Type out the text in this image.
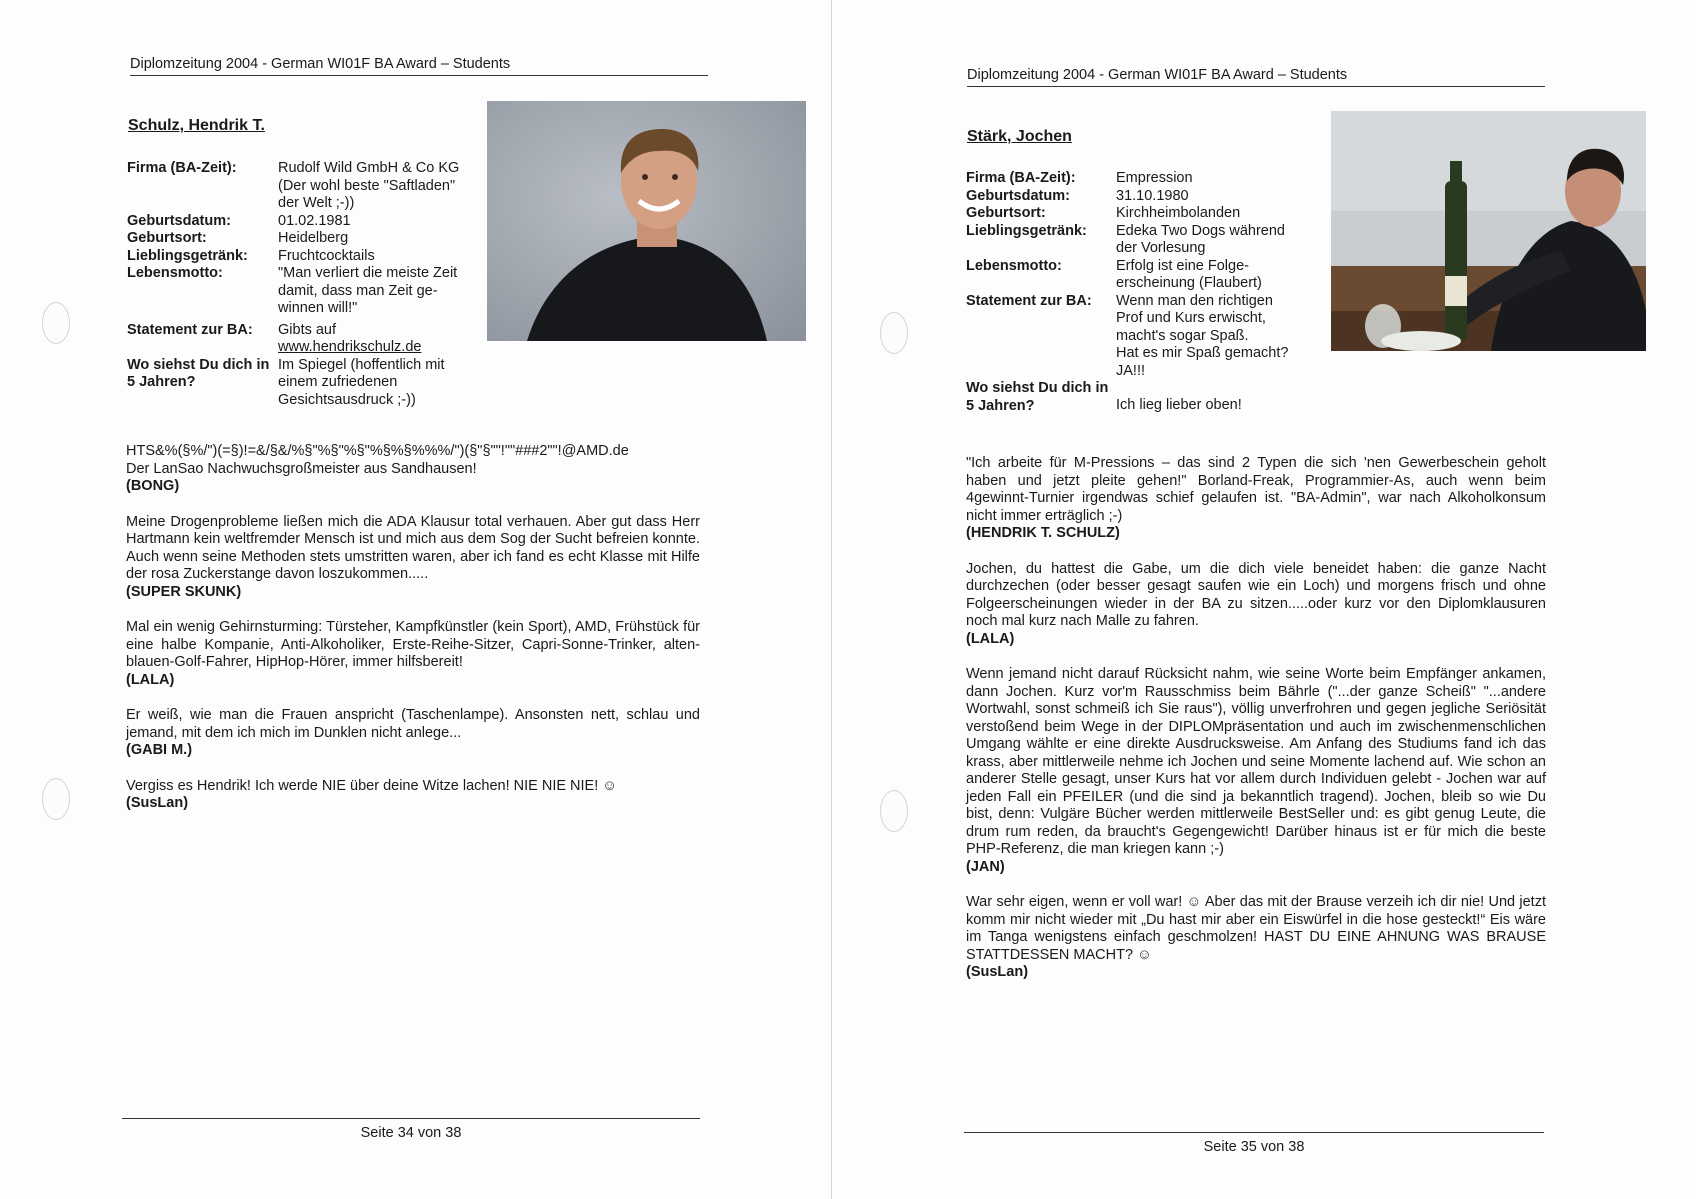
Diplomzeitung 2004 - German WI01F BA Award – Students
Schulz, Hendrik T.
Firma (BA-Zeit):	Rudolf Wild GmbH & Co KG
(Der wohl beste "Saftladen"
der Welt ;-))

Geburtsdatum:	01.02.1981
Geburtsort:	Heidelberg
Lieblingsgetränk:	Fruchtcocktails
Lebensmotto:	"Man verliert die meiste Zeit
damit, dass man Zeit ge-
winnen will!"

Statement zur BA:	Gibts auf
www.hendrikschulz.de

Wo siehst Du dich in 5 Jahren?	Im Spiegel (hoffentlich mit
einem zufriedenen
Gesichtsausdruck ;-))
HTS&%(§%/")(=§)!=&/§&/%§"%§"%§"%§%§%%%/")(§"§""!""###2""!@AMD.de
Der LanSao Nachwuchsgroßmeister aus Sandhausen!
(BONG)
Meine Drogenprobleme ließen mich die ADA Klausur total verhauen. Aber gut dass Herr Hartmann kein weltfremder Mensch ist und mich aus dem Sog der Sucht befreien konnte. Auch wenn seine Methoden stets umstritten waren, aber ich fand es echt Klasse mit Hilfe der rosa Zuckerstange davon loszukommen.....
(SUPER SKUNK)
Mal ein wenig Gehirnsturming: Türsteher, Kampfkünstler (kein Sport), AMD, Frühstück für eine halbe Kompanie, Anti-Alkoholiker, Erste-Reihe-Sitzer, Capri-Sonne-Trinker, alten-blauen-Golf-Fahrer, HipHop-Hörer, immer hilfsbereit!
(LALA)
Er weiß, wie man die Frauen anspricht (Taschenlampe). Ansonsten nett, schlau und jemand, mit dem ich mich im Dunklen nicht anlege...
(GABI M.)
Vergiss es Hendrik! Ich werde NIE über deine Witze lachen! NIE NIE NIE! ☺
(SusLan)
Seite 34 von 38
Diplomzeitung 2004 - German WI01F BA Award – Students
Stärk, Jochen
Firma (BA-Zeit):	Empression
Geburtsdatum:	31.10.1980
Geburtsort:	Kirchheimbolanden
Lieblingsgetränk:	Edeka Two Dogs während
der Vorlesung

Lebensmotto:	Erfolg ist eine Folge-
erscheinung (Flaubert)

Statement zur BA:	Wenn man den richtigen
Prof und Kurs erwischt,
macht's sogar Spaß.
Hat es mir Spaß gemacht?
JA!!!

Wo siehst Du dich in 5 Jahren?	Ich lieg lieber oben!
"Ich arbeite für M-Pressions – das sind 2 Typen die sich 'nen Gewerbeschein geholt haben und jetzt pleite gehen!" Borland-Freak, Programmier-As, auch wenn beim 4gewinnt-Turnier irgendwas schief gelaufen ist. "BA-Admin", war nach Alkoholkonsum nicht immer erträglich ;-)
(HENDRIK T. SCHULZ)
Jochen, du hattest die Gabe, um die dich viele beneidet haben: die ganze Nacht durchzechen (oder besser gesagt saufen wie ein Loch) und morgens frisch und ohne Folgeerscheinungen wieder in der BA zu sitzen.....oder kurz vor den Diplomklausuren noch mal kurz nach Malle zu fahren.
(LALA)
Wenn jemand nicht darauf Rücksicht nahm, wie seine Worte beim Empfänger ankamen, dann Jochen. Kurz vor'm Rausschmiss beim Bährle ("...der ganze Scheiß" "...andere Wortwahl, sonst schmeiß ich Sie raus"), völlig unverfrohren und gegen jegliche Seriösität verstoßend beim Wege in der DIPLOMpräsentation und auch im zwischenmenschlichen Umgang wählte er eine direkte Ausdrucksweise. Am Anfang des Studiums fand ich das krass, aber mittlerweile nehme ich Jochen und seine Momente lachend auf. Wie schon an anderer Stelle gesagt, unser Kurs hat vor allem durch Individuen gelebt - Jochen war auf jeden Fall ein PFEILER (und die sind ja bekanntlich tragend). Jochen, bleib so wie Du bist, denn: Vulgäre Bücher werden mittlerweile BestSeller und: es gibt genug Leute, die drum rum reden, da braucht's Gegengewicht! Darüber hinaus ist er für mich die beste PHP-Referenz, die man kriegen kann ;-)
(JAN)
War sehr eigen, wenn er voll war! ☺ Aber das mit der Brause verzeih ich dir nie! Und jetzt komm mir nicht wieder mit „Du hast mir aber ein Eiswürfel in die hose gesteckt!“ Eis wäre im Tanga wenigstens einfach geschmolzen! HAST DU EINE AHNUNG WAS BRAUSE STATTDESSEN MACHT? ☺
(SusLan)
Seite 35 von 38
